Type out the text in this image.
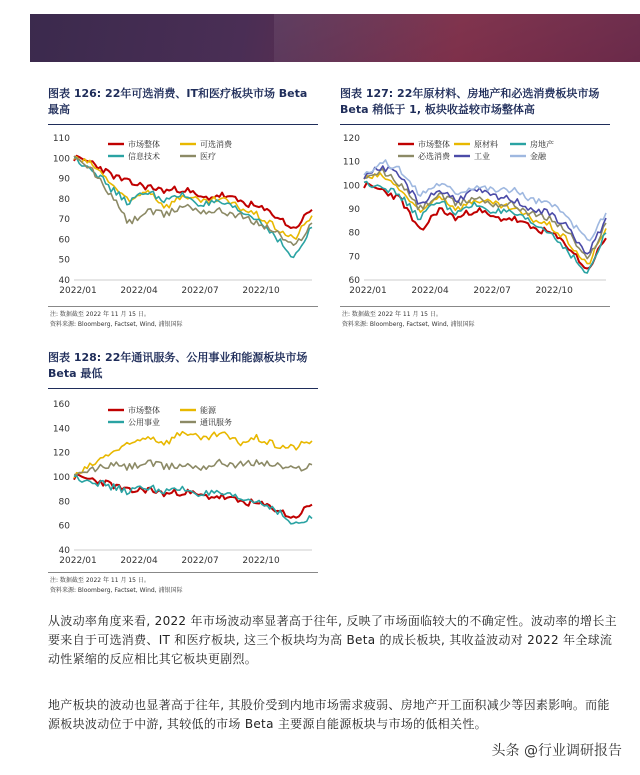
图表 126: 22年可选消费、IT和医疗板块市场 Beta 最高
40
50
60
70
80
90
100
110
2022/01	2022/04	2022/07	2022/10
市场整体	可选消费
信息技术	医疗
注: 数据截至 2022 年 11 月 15 日。
资料来源: Bloomberg, Factset, Wind, 浦银国际
图表 127: 22年原材料、房地产和必选消费板块市场 Beta 稍低于 1, 板块收益较市场整体高
60
70
80
90
100
110
120
2022/01	2022/04	2022/07	2022/10
市场整体	原材料	房地产
必选消费	工业	金融
注: 数据截至 2022 年 11 月 15 日。
资料来源: Bloomberg, Factset, Wind, 浦银国际
图表 128: 22年通讯服务、公用事业和能源板块市场 Beta 最低
40
60
80
100
120
140
160
2022/01	2022/04	2022/07	2022/10
市场整体	能源
公用事业	通讯服务
注: 数据截至 2022 年 11 月 15 日。
资料来源: Bloomberg, Factset, Wind, 浦银国际
从波动率角度来看, 2022 年市场波动率显著高于往年, 反映了市场面临较大的不确定性。波动率的增长主要来自于可选消费、IT 和医疗板块, 这三个板块均为高 Beta 的成长板块, 其收益波动对 2022 年全球流动性紧缩的反应相比其它板块更剧烈。
地产板块的波动也显著高于往年, 其股价受到内地市场需求疲弱、房地产开工面积减少等因素影响。而能源板块波动位于中游, 其较低的市场 Beta 主要源自能源板块与市场的低相关性。
头条 @行业调研报告
